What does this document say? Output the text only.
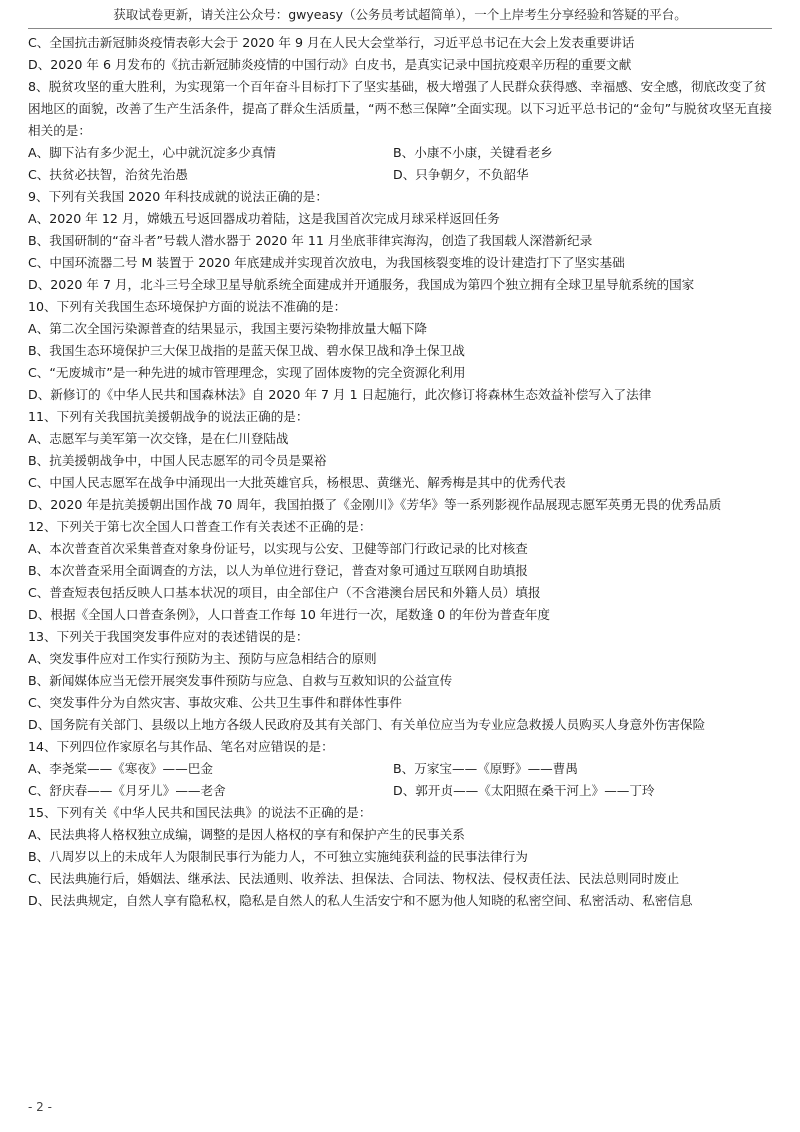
获取试卷更新，请关注公众号：gwyeasy（公务员考试超简单），一个上岸考生分享经验和答疑的平台。
C、全国抗击新冠肺炎疫情表彰大会于 2020 年 9 月在人民大会堂举行，习近平总书记在大会上发表重要讲话
D、2020 年 6 月发布的《抗击新冠肺炎疫情的中国行动》白皮书，是真实记录中国抗疫艰辛历程的重要文献
8、脱贫攻坚的重大胜利，为实现第一个百年奋斗目标打下了坚实基础，极大增强了人民群众获得感、幸福感、安全感，彻底改变了贫困地区的面貌，改善了生产生活条件，提高了群众生活质量，“两不愁三保障”全面实现。以下习近平总书记的“金句”与脱贫攻坚无直接相关的是：
A、脚下沾有多少泥土，心中就沉淀多少真情	B、小康不小康，关键看老乡
C、扶贫必扶智，治贫先治愚	D、只争朝夕，不负韶华
9、下列有关我国 2020 年科技成就的说法正确的是：
A、2020 年 12 月，嫦娥五号返回器成功着陆，这是我国首次完成月球采样返回任务
B、我国研制的“奋斗者”号载人潜水器于 2020 年 11 月坐底菲律宾海沟，创造了我国载人深潜新纪录
C、中国环流器二号 M 装置于 2020 年底建成并实现首次放电，为我国核裂变堆的设计建造打下了坚实基础
D、2020 年 7 月，北斗三号全球卫星导航系统全面建成并开通服务，我国成为第四个独立拥有全球卫星导航系统的国家
10、下列有关我国生态环境保护方面的说法不准确的是：
A、第二次全国污染源普查的结果显示，我国主要污染物排放量大幅下降
B、我国生态环境保护三大保卫战指的是蓝天保卫战、碧水保卫战和净土保卫战
C、“无废城市”是一种先进的城市管理理念，实现了固体废物的完全资源化利用
D、新修订的《中华人民共和国森林法》自 2020 年 7 月 1 日起施行，此次修订将森林生态效益补偿写入了法律
11、下列有关我国抗美援朝战争的说法正确的是：
A、志愿军与美军第一次交锋，是在仁川登陆战
B、抗美援朝战争中，中国人民志愿军的司令员是粟裕
C、中国人民志愿军在战争中涌现出一大批英雄官兵，杨根思、黄继光、解秀梅是其中的优秀代表
D、2020 年是抗美援朝出国作战 70 周年，我国拍摄了《金刚川》《芳华》等一系列影视作品展现志愿军英勇无畏的优秀品质
12、下列关于第七次全国人口普查工作有关表述不正确的是：
A、本次普查首次采集普查对象身份证号，以实现与公安、卫健等部门行政记录的比对核查
B、本次普查采用全面调查的方法，以人为单位进行登记，普查对象可通过互联网自助填报
C、普查短表包括反映人口基本状况的项目，由全部住户（不含港澳台居民和外籍人员）填报
D、根据《全国人口普查条例》，人口普查工作每 10 年进行一次，尾数逢 0 的年份为普查年度
13、下列关于我国突发事件应对的表述错误的是：
A、突发事件应对工作实行预防为主、预防与应急相结合的原则
B、新闻媒体应当无偿开展突发事件预防与应急、自救与互救知识的公益宣传
C、突发事件分为自然灾害、事故灾难、公共卫生事件和群体性事件
D、国务院有关部门、县级以上地方各级人民政府及其有关部门、有关单位应当为专业应急救援人员购买人身意外伤害保险
14、下列四位作家原名与其作品、笔名对应错误的是：
A、李尧棠——《寒夜》——巴金	B、万家宝——《原野》——曹禺
C、舒庆春——《月牙儿》——老舍	D、郭开贞——《太阳照在桑干河上》——丁玲
15、下列有关《中华人民共和国民法典》的说法不正确的是：
A、民法典将人格权独立成编，调整的是因人格权的享有和保护产生的民事关系
B、八周岁以上的未成年人为限制民事行为能力人，不可独立实施纯获利益的民事法律行为
C、民法典施行后，婚姻法、继承法、民法通则、收养法、担保法、合同法、物权法、侵权责任法、民法总则同时废止
D、民法典规定，自然人享有隐私权，隐私是自然人的私人生活安宁和不愿为他人知晓的私密空间、私密活动、私密信息
- 2 -
